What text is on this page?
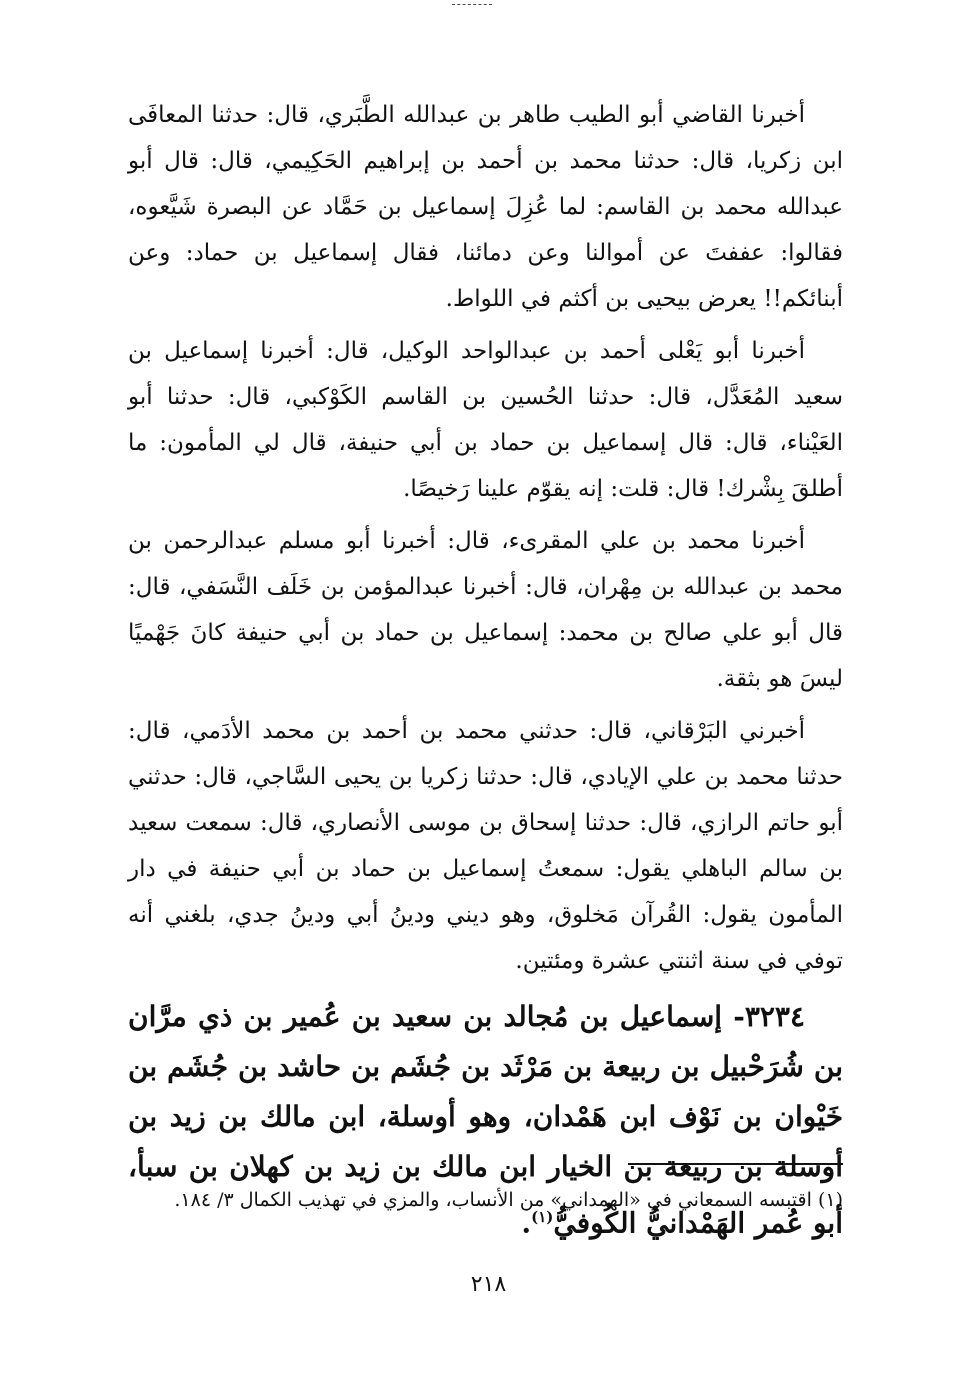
أخبرنا القاضي أبو الطيب طاهر بن عبدالله الطَّبَري، قال: حدثنا المعافَى ابن زكريا، قال: حدثنا محمد بن أحمد بن إبراهيم الحَكِيمي، قال: قال أبو عبدالله محمد بن القاسم: لما عُزِلَ إسماعيل بن حَمَّاد عن البصرة شَيَّعوه، فقالوا: عففتَ عن أموالنا وعن دمائنا، فقال إسماعيل بن حماد: وعن أبنائكم!! يعرض بيحيى بن أكثم في اللواط.

أخبرنا أبو يَعْلى أحمد بن عبدالواحد الوكيل، قال: أخبرنا إسماعيل بن سعيد المُعَدَّل، قال: حدثنا الحُسين بن القاسم الكَوْكبي، قال: حدثنا أبو العَيْناء، قال: قال إسماعيل بن حماد بن أبي حنيفة، قال لي المأمون: ما أطلقَ بِشْرك! قال: قلت: إنه يقوّم علينا رَخيصًا.

أخبرنا محمد بن علي المقرىء، قال: أخبرنا أبو مسلم عبدالرحمن بن محمد بن عبدالله بن مِهْران، قال: أخبرنا عبدالمؤمن بن خَلَف النَّسَفي، قال: قال أبو علي صالح بن محمد: إسماعيل بن حماد بن أبي حنيفة كانَ جَهْميًا ليسَ هو بثقة.

أخبرني البَرْقاني، قال: حدثني محمد بن أحمد بن محمد الأدَمي، قال: حدثنا محمد بن علي الإيادي، قال: حدثنا زكريا بن يحيى السَّاجي، قال: حدثني أبو حاتم الرازي، قال: حدثنا إسحاق بن موسى الأنصاري، قال: سمعت سعيد بن سالم الباهلي يقول: سمعتُ إسماعيل بن حماد بن أبي حنيفة في دار المأمون يقول: القُرآن مَخلوق، وهو ديني ودينُ أبي ودينُ جدي، بلغني أنه توفي في سنة اثنتي عشرة ومئتين.

٣٢٣٤- إسماعيل بن مُجالد بن سعيد بن عُمير بن ذي مرَّان بن شُرَحْبيل بن ربيعة بن مَرْثَد بن جُشَم بن حاشد بن جُشَم بن خَيْوان بن نَوْف ابن هَمْدان، وهو أوسلة، ابن مالك بن زيد بن أوسلة بن ربيعة بن الخيار ابن مالك بن زيد بن كهلان بن سبأ، أبو عُمر الهَمْدانيُّ الكُوفيُّ$^{(١)}$.

(١) اقتبسه السمعاني في «الهمداني» من الأنساب، والمزي في تهذيب الكمال ٣/ ١٨٤.
٢١٨
